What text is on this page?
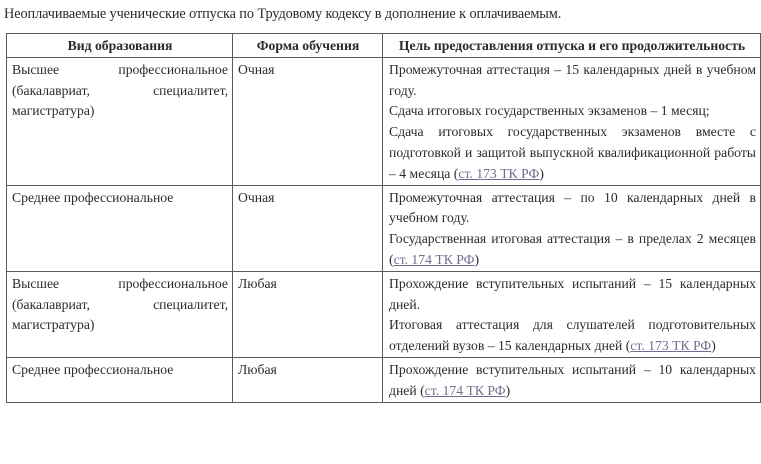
Неоплачиваемые ученические отпуска по Трудовому кодексу в дополнение к оплачиваемым.
Вид образования	Форма обучения	Цель предоставления отпуска и его продолжительность
Высшее профессиональное (бакалавриат, специалитет, магистратура)	Очная	Промежуточная аттестация – 15 календарных дней в учебном году.
Сдача итоговых государственных экзаменов – 1 месяц;
Сдача итоговых государственных экзаменов вместе с подготовкой и защитой выпускной квалификационной работы – 4 месяца (ст. 173 ТК РФ)

Среднее профессиональное	Очная	Промежуточная аттестация – по 10 календарных дней в учебном году.
Государственная итоговая аттестация – в пределах 2 месяцев (ст. 174 ТК РФ)

Высшее профессиональное (бакалавриат, специалитет, магистратура)	Любая	Прохождение вступительных испытаний – 15 календарных дней.
Итоговая аттестация для слушателей подготовительных отделений вузов – 15 календарных дней (ст. 173 ТК РФ)

Среднее профессиональное	Любая	Прохождение вступительных испытаний – 10 календарных дней (ст. 174 ТК РФ)
